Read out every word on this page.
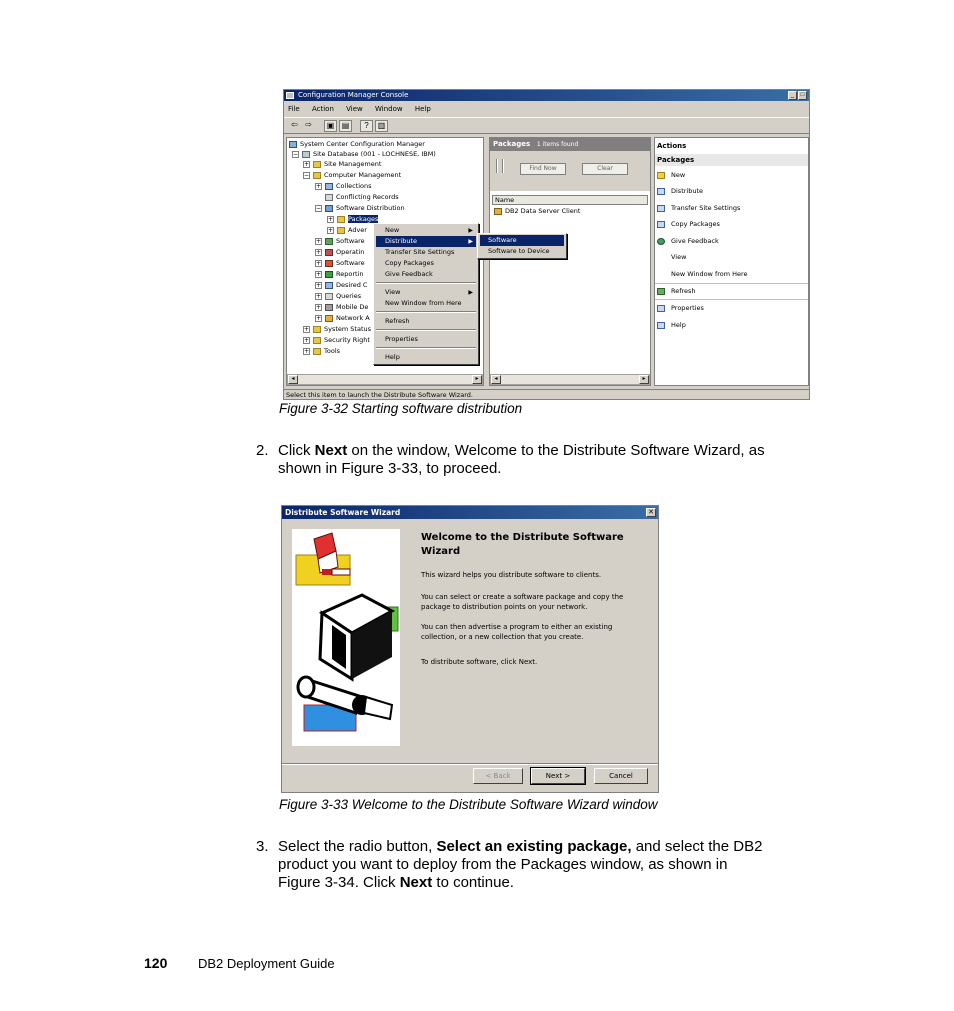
Configuration Manager Console	_ □
File Action View Window Help
⇦ ⇨	▣ ▤	?	▥
System Center Configuration Manager
− Site Database (001 - LOCHNESE, IBM)
+ Site Management
− Computer Management
+ Collections
Conflicting Records
− Software Distribution
+ Packages
+ Adver
+ Software
+ Operatin
+ Software
+ Reportin
+ Desired C
+ Queries
+ Mobile De
+ Network A
+ System Status
+ Security Right
+ Tools
◂	▸
Packages 1 items found
Find Now	Clear
Name
DB2 Data Server Client
◂	▸
Actions
Packages
New
Distribute
Transfer Site Settings
Copy Packages
Give Feedback
View
New Window from Here
Refresh
Properties
Help
New	▶
Distribute	▶
Transfer Site Settings
Copy Packages
Give Feedback
View	▶
New Window from Here
Refresh
Properties
Help
Software
Software to Device
Select this item to launch the Distribute Software Wizard.
Figure 3-32 Starting software distribution
2. Click Next on the window, Welcome to the Distribute Software Wizard, as
shown in Figure 3-33, to proceed.
Distribute Software Wizard	✕
Welcome to the Distribute Software
Wizard
This wizard helps you distribute software to clients.
You can select or create a software package and copy the
package to distribution points on your network.
You can then advertise a program to either an existing
collection, or a new collection that you create.
To distribute software, click Next.
< Back	Next >	Cancel
Figure 3-33 Welcome to the Distribute Software Wizard window
3. Select the radio button, Select an existing package, and select the DB2
product you want to deploy from the Packages window, as shown in
Figure 3-34. Click Next to continue.
120 DB2 Deployment Guide
